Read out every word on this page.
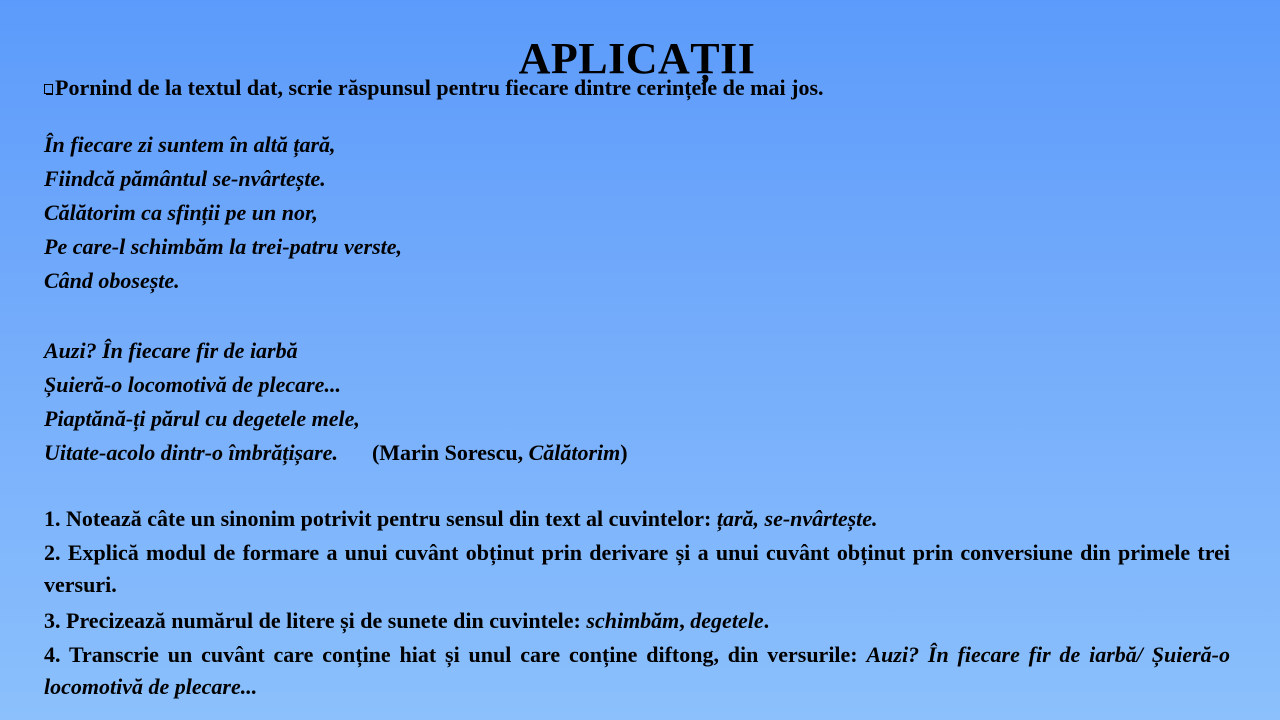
APLICAȚII
Pornind de la textul dat, scrie răspunsul pentru fiecare dintre cerințele de mai jos.
În fiecare zi suntem în altă țară,
Fiindcă pământul se-nvârtește.
Călătorim ca sfinții pe un nor,
Pe care-l schimbăm la trei-patru verste,
Când obosește.
Auzi? În fiecare fir de iarbă
Șuieră-o locomotivă de plecare...
Piaptănă-ți părul cu degetele mele,
Uitate-acolo dintr-o îmbrățișare. (Marin Sorescu, Călătorim)
1. Notează câte un sinonim potrivit pentru sensul din text al cuvintelor: țară, se-nvârtește.
2. Explică modul de formare a unui cuvânt obținut prin derivare și a unui cuvânt obținut prin conversiune din primele trei versuri.
3. Precizează numărul de litere și de sunete din cuvintele: schimbăm, degetele.
4. Transcrie un cuvânt care conține hiat și unul care conține diftong, din versurile: Auzi? În fiecare fir de iarbă/ Șuieră-o locomotivă de plecare...
